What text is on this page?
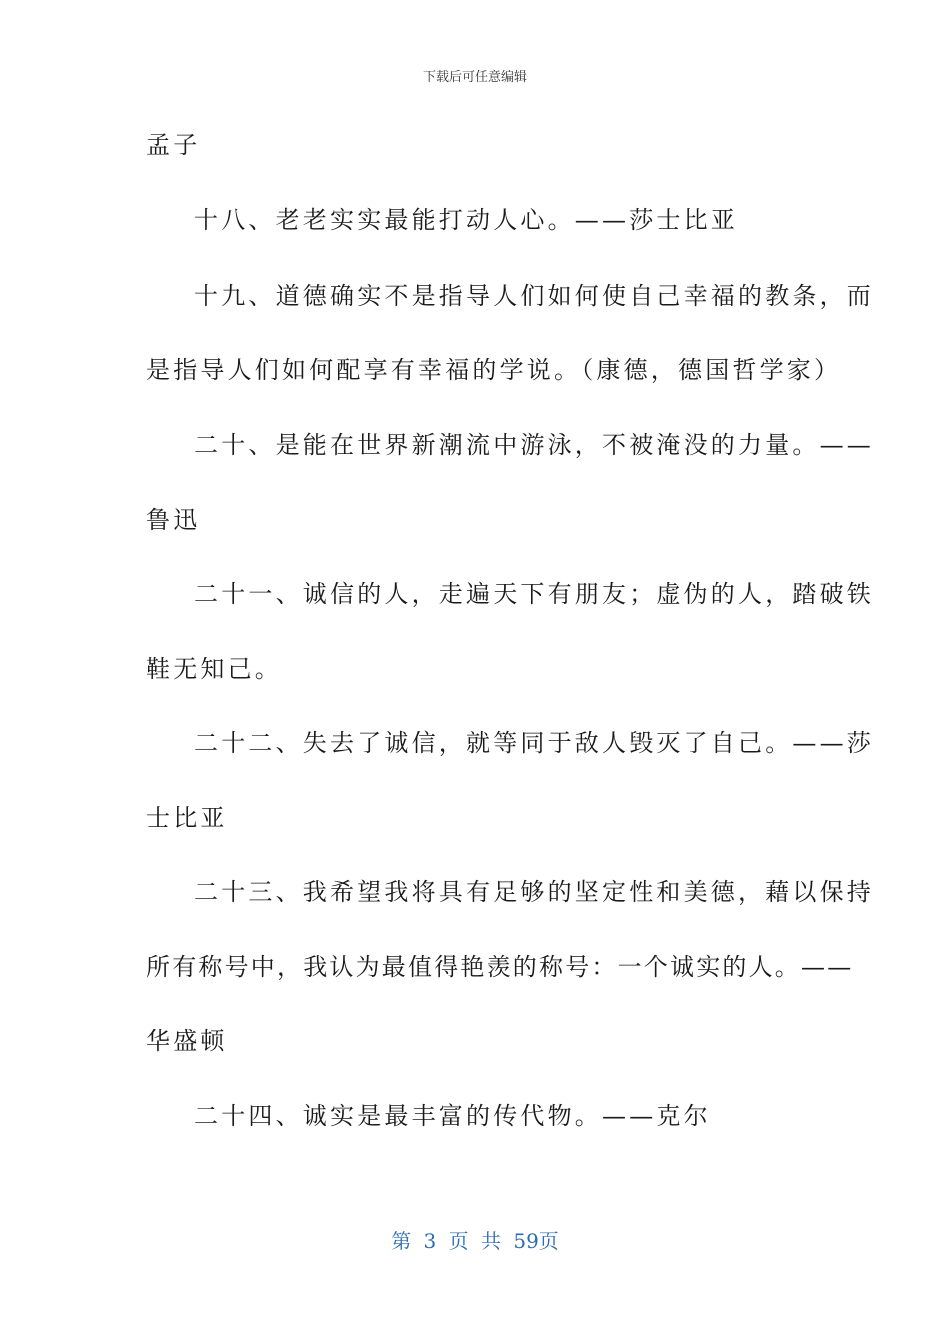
下载后可任意编辑
孟子
十八、老老实实最能打动人心。——莎士比亚
十九、道德确实不是指导人们如何使自己幸福的教条，而
是指导人们如何配享有幸福的学说。（康德，德国哲学家）
二十、是能在世界新潮流中游泳，不被淹没的力量。——
鲁迅
二十一、诚信的人，走遍天下有朋友；虚伪的人，踏破铁
鞋无知己。
二十二、失去了诚信，就等同于敌人毁灭了自己。——莎
士比亚
二十三、我希望我将具有足够的坚定性和美德，藉以保持
所有称号中，我认为最值得艳羡的称号：一个诚实的人。——
华盛顿
二十四、诚实是最丰富的传代物。——克尔
第 3 页 共 59页
